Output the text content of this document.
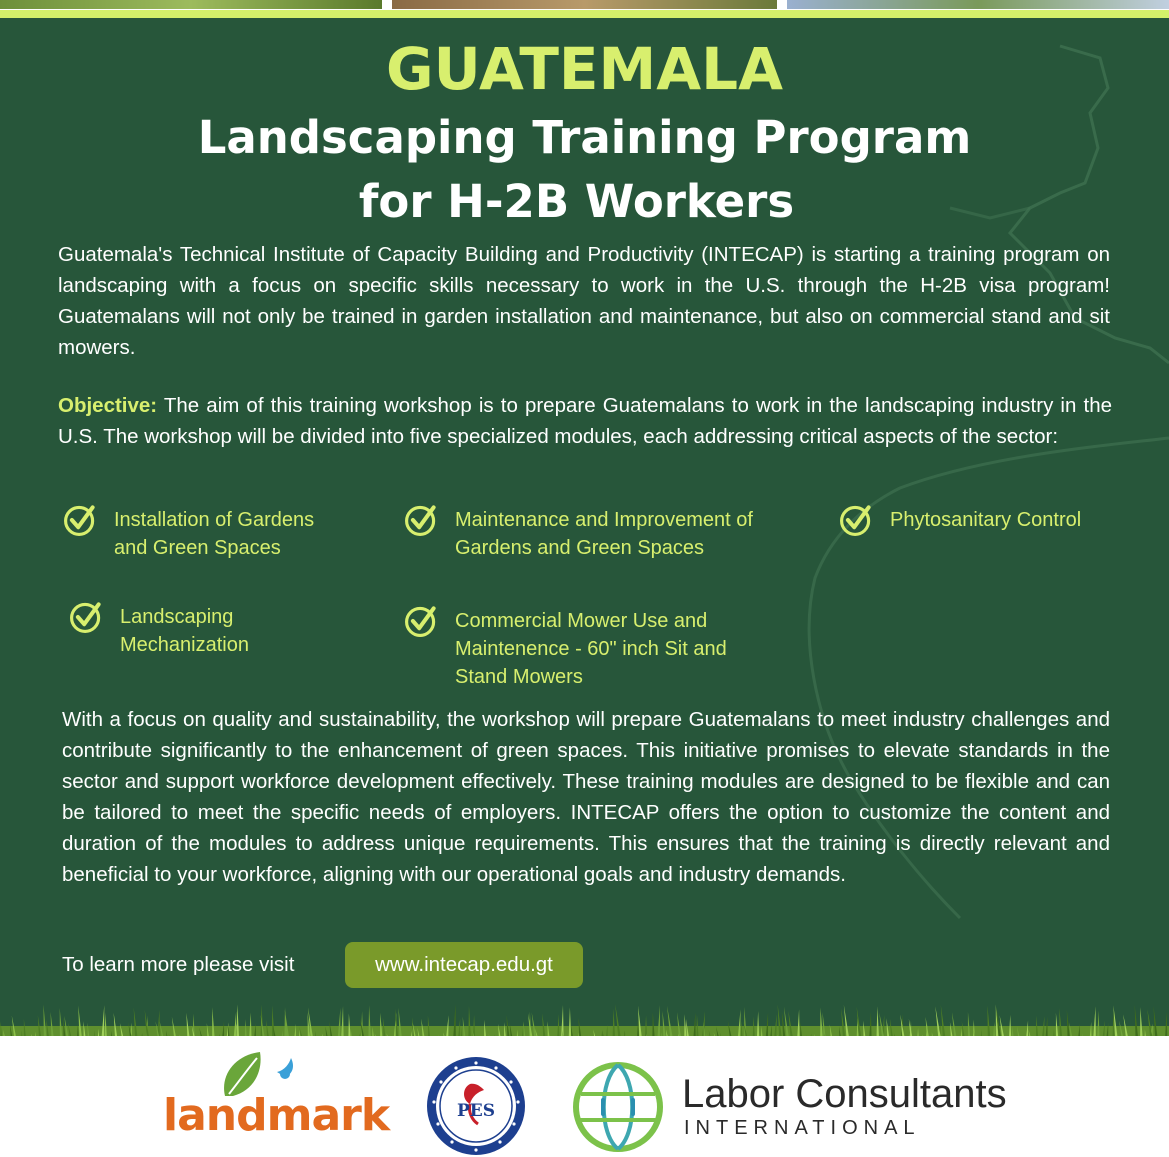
GUATEMALA
Landscaping Training Program
for H-2B Workers
Guatemala's Technical Institute of Capacity Building and Productivity (INTECAP) is starting a training program on landscaping with a focus on specific skills necessary to work in the U.S. through the H-2B visa program! Guatemalans will not only be trained in garden installation and maintenance, but also on commercial stand and sit mowers.
Objective: The aim of this training workshop is to prepare Guatemalans to work in the landscaping industry in the U.S. The workshop will be divided into five specialized modules, each addressing critical aspects of the sector:
Installation of Gardens and Green Spaces
Maintenance and Improvement of Gardens and Green Spaces
Phytosanitary Control
Landscaping Mechanization
Commercial Mower Use and Maintenence - 60" inch Sit and Stand Mowers
With a focus on quality and sustainability, the workshop will prepare Guatemalans to meet industry challenges and contribute significantly to the enhancement of green spaces. This initiative promises to elevate standards in the sector and support workforce development effectively. These training modules are designed to be flexible and can be tailored to meet the specific needs of employers. INTECAP offers the option to customize the content and duration of the modules to address unique requirements. This ensures that the training is directly relevant and beneficial to your workforce, aligning with our operational goals and industry demands.
To learn more please visit	www.intecap.edu.gt
landmark	PES	Labor Consultants
INTERNATIONAL
